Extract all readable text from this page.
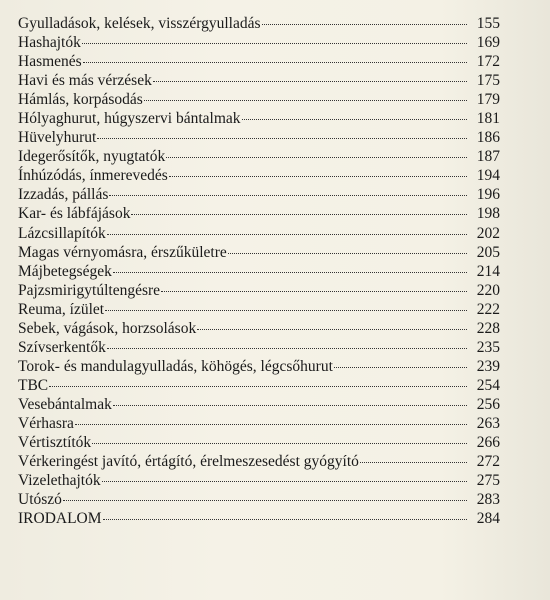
Gyulladások, kelések, visszérgyulladás	155
Hashajtók	169
Hasmenés	172
Havi és más vérzések	175
Hámlás, korpásodás	179
Hólyaghurut, húgyszervi bántalmak	181
Hüvelyhurut	186
Idegerősítők, nyugtatók	187
Ínhúzódás, ínmerevedés	194
Izzadás, pállás	196
Kar- és lábfájások	198
Lázcsillapítók	202
Magas vérnyomásra, érszűkületre	205
Májbetegségek	214
Pajzsmirigytúltengésre	220
Reuma, ízület	222
Sebek, vágások, horzsolások	228
Szívserkentők	235
Torok- és mandulagyulladás, köhögés, légcsőhurut	239
TBC	254
Vesebántalmak	256
Vérhasra	263
Vértisztítók	266
Vérkeringést javító, értágító, érelmeszesedést gyógyító	272
Vizelethajtók	275
Utószó	283
IRODALOM	284
